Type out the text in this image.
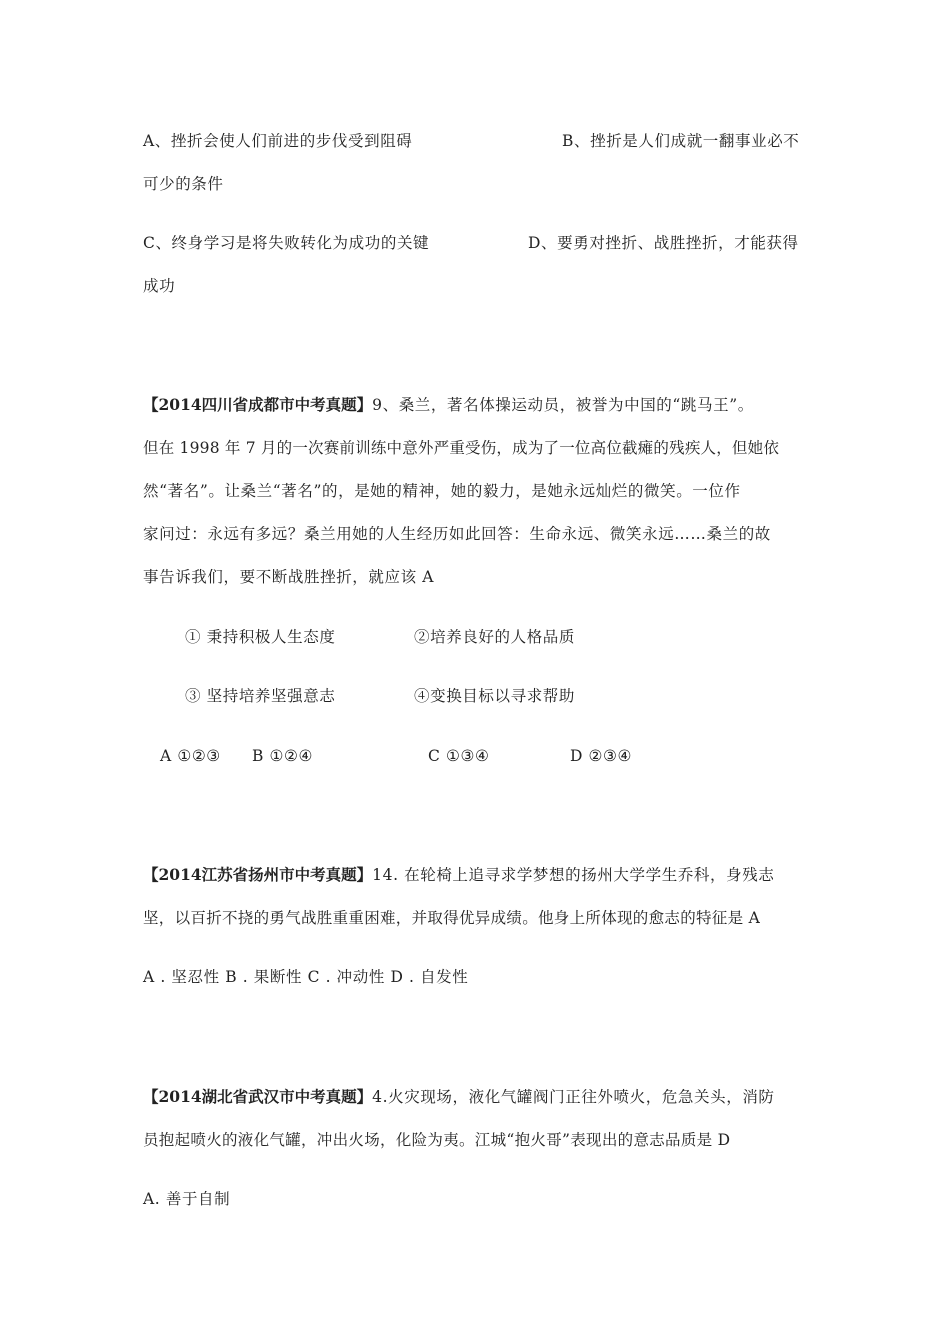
A、挫折会使人们前进的步伐受到阻碍	B、挫折是人们成就一翻事业必不
可少的条件
C、终身学习是将失败转化为成功的关键	D、要勇对挫折、战胜挫折，才能获得
成功
【2014四川省成都市中考真题】9、桑兰，著名体操运动员，被誉为中国的“跳马王”。
但在 1998 年 7 月的一次赛前训练中意外严重受伤，成为了一位高位截瘫的残疾人，但她依
然“著名”。让桑兰“著名”的，是她的精神，她的毅力，是她永远灿烂的微笑。一位作
家问过：永远有多远？桑兰用她的人生经历如此回答：生命永远、微笑永远……桑兰的故
事告诉我们，要不断战胜挫折，就应该 A
① 秉持积极人生态度	②培养良好的人格品质
③ 坚持培养坚强意志	④变换目标以寻求帮助
A ①②③ B ①②④	C ①③④	D ②③④
【2014江苏省扬州市中考真题】14. 在轮椅上追寻求学梦想的扬州大学学生乔科，身残志
坚，以百折不挠的勇气战胜重重困难，并取得优异成绩。他身上所体现的愈志的特征是 A
A . 坚忍性 B . 果断性 C . 冲动性 D . 自发性
【2014湖北省武汉市中考真题】4.火灾现场，液化气罐阀门正往外喷火，危急关头，消防
员抱起喷火的液化气罐，冲出火场，化险为夷。江城“抱火哥”表现出的意志品质是 D
A. 善于自制
